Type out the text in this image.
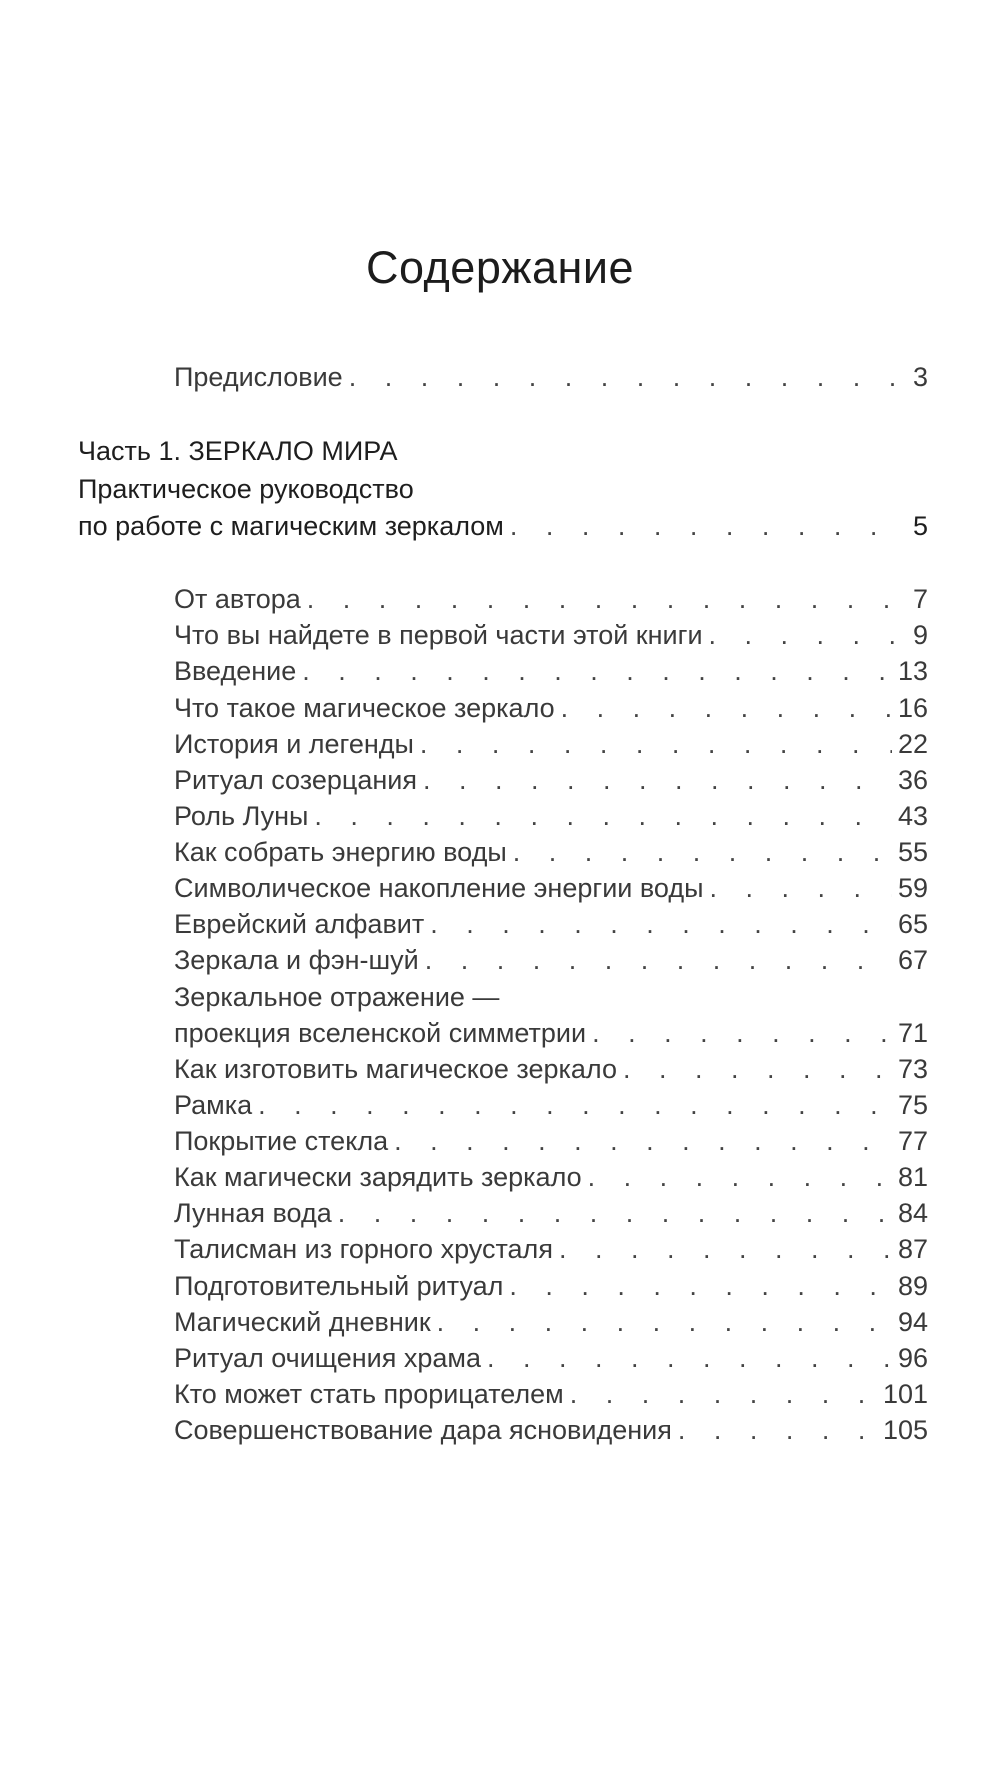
Содержание
Предисловие . . .	3
Часть 1. ЗЕРКАЛО МИРА
Практическое руководство
по работе с магическим зеркалом . . .	5
От автора . . .	7
Что вы найдете в первой части этой книги . . .	9
Введение . . .	13
Что такое магическое зеркало . . .	16
История и легенды . . .	22
Ритуал созерцания . . .	36
Роль Луны . . .	43
Как собрать энергию воды . . .	55
Символическое накопление энергии воды . . .	59
Еврейский алфавит . . .	65
Зеркала и фэн-шуй . . .	67
Зеркальное отражение —
проекция вселенской симметрии . . .	71
Как изготовить магическое зеркало . . .	73
Рамка . . .	75
Покрытие стекла . . .	77
Как магически зарядить зеркало . . .	81
Лунная вода . . .	84
Талисман из горного хрусталя . . .	87
Подготовительный ритуал . . .	89
Магический дневник . . .	94
Ритуал очищения храма . . .	96
Кто может стать прорицателем . . .	101
Совершенствование дара ясновидения . . .	105
